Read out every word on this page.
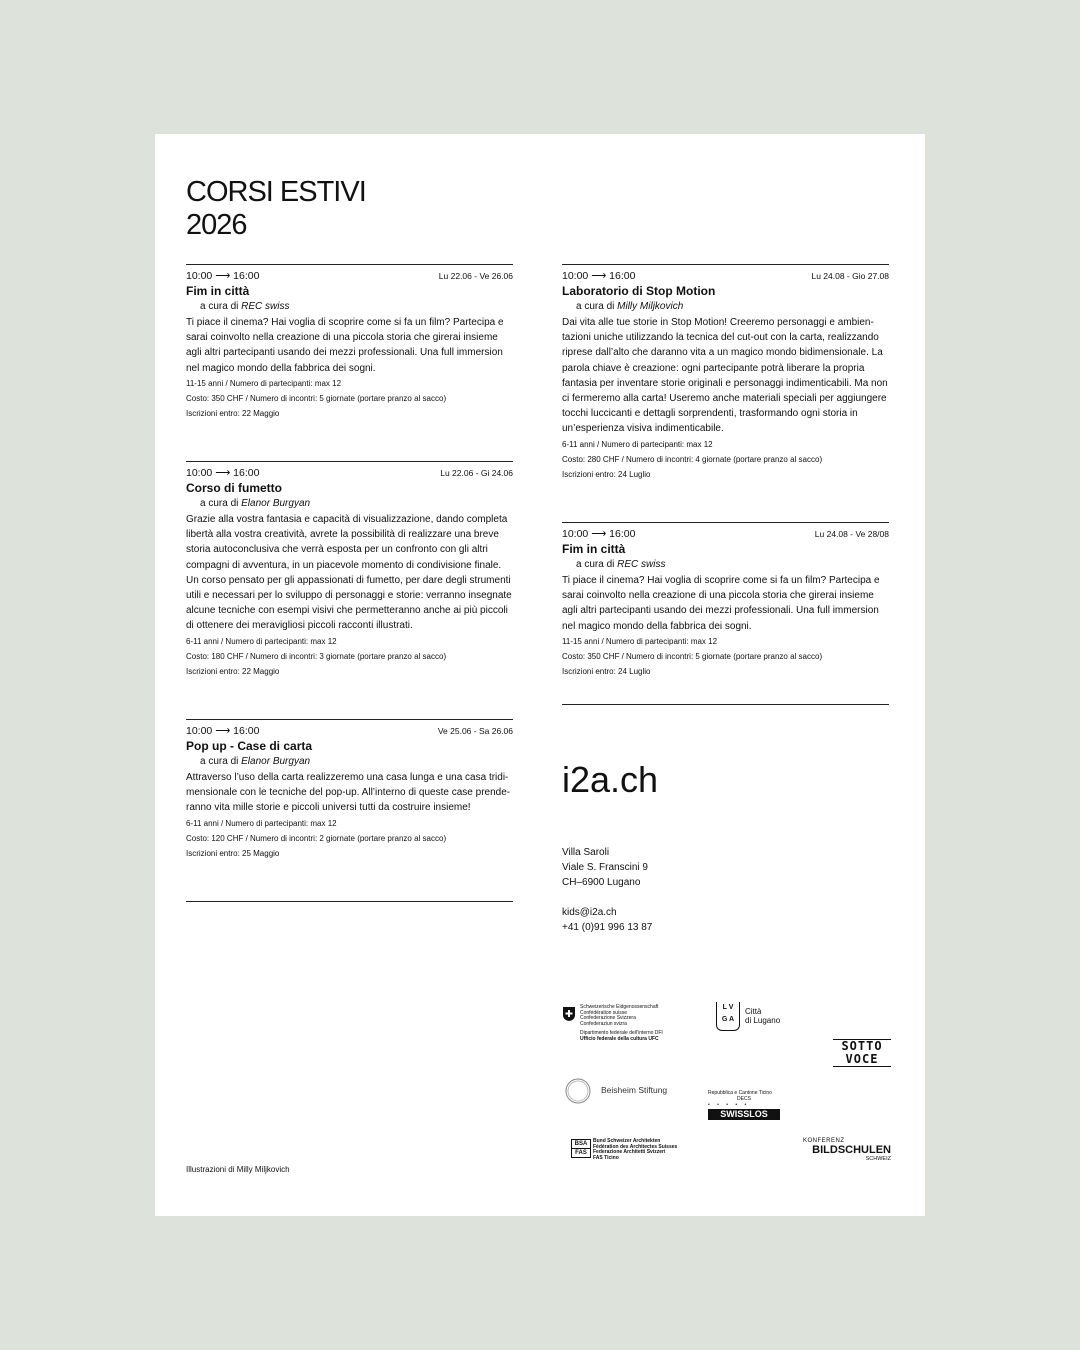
CORSI ESTIVI
2026
10:00 ⟶ 16:00	Lu 22.06 - Ve 26.06
Fim in città
a cura di REC swiss
Ti piace il cinema? Hai voglia di scoprire come si fa un film? Partecipa e sarai coinvolto nella creazione di una piccola storia che girerai insieme agli altri partecipanti usando dei mezzi professionali. Una full immersion nel magico mondo della fabbrica dei sogni.
11-15 anni / Numero di partecipanti: max 12
Costo: 350 CHF / Numero di incontri: 5 giornate (portare pranzo al sacco)
Iscrizioni entro: 22 Maggio
10:00 ⟶ 16:00	Lu 22.06 - Gi 24.06
Corso di fumetto
a cura di Elanor Burgyan
Grazie alla vostra fantasia e capacità di visualizzazione, dando completa libertà alla vostra creatività, avrete la possibilità di realizzare una breve storia autoconclusiva che verrà esposta per un confronto con gli altri compagni di avventura, in un piacevole momento di condivisione finale. Un corso pensato per gli appassionati di fumetto, per dare degli strumenti utili e necessari per lo sviluppo di personaggi e storie: verranno insegnate alcune tecniche con esempi visivi che permetteranno anche ai più piccoli di ottenere dei meravigliosi piccoli racconti illustrati.
6-11 anni / Numero di partecipanti: max 12
Costo: 180 CHF / Numero di incontri: 3 giornate (portare pranzo al sacco)
Iscrizioni entro: 22 Maggio
10:00 ⟶ 16:00	Ve 25.06 - Sa 26.06
Pop up - Case di carta
a cura di Elanor Burgyan
Attraverso l’uso della carta realizzeremo una casa lunga e una casa tridi-mensionale con le tecniche del pop-up. All’interno di queste case prende-ranno vita mille storie e piccoli universi tutti da costruire insieme!
6-11 anni / Numero di partecipanti: max 12
Costo: 120 CHF / Numero di incontri: 2 giornate (portare pranzo al sacco)
Iscrizioni entro: 25 Maggio
10:00 ⟶ 16:00	Lu 24.08 - Gio 27.08
Laboratorio di Stop Motion
a cura di Milly Miljkovich
Dai vita alle tue storie in Stop Motion! Creeremo personaggi e ambien-tazioni uniche utilizzando la tecnica del cut-out con la carta, realizzando riprese dall’alto che daranno vita a un magico mondo bidimensionale. La parola chiave è creazione: ogni partecipante potrà liberare la propria fantasia per inventare storie originali e personaggi indimenticabili. Ma non ci fermeremo alla carta! Useremo anche materiali speciali per aggiungere tocchi luccicanti e dettagli sorprendenti, trasformando ogni storia in un’esperienza visiva indimenticabile.
6-11 anni / Numero di partecipanti: max 12
Costo: 280 CHF / Numero di incontri: 4 giornate (portare pranzo al sacco)
Iscrizioni entro: 24 Luglio
10:00 ⟶ 16:00	Lu 24.08 - Ve 28/08
Fim in città
a cura di REC swiss
Ti piace il cinema? Hai voglia di scoprire come si fa un film? Partecipa e sarai coinvolto nella creazione di una piccola storia che girerai insieme agli altri partecipanti usando dei mezzi professionali. Una full immersion nel magico mondo della fabbrica dei sogni.
11-15 anni / Numero di partecipanti: max 12
Costo: 350 CHF / Numero di incontri: 5 giornate (portare pranzo al sacco)
Iscrizioni entro: 24 Luglio
i2a.ch
Villa Saroli
Viale S. Franscini 9
CH–6900 Lugano
kids@i2a.ch
+41 (0)91 996 13 87
Schweizerische Eidgenossenschaft
Confédération suisse
Confederazione Svizzera
Confederaziun svizra
Dipartimento federale dell’interno DFI
Ufficio federale della cultura UFC
L V
G A
Città
di Lugano
SOTTO
VOCE
Beisheim Stiftung	Repubblica e Cantone Ticino
DECS
• • • • •
SWISSLOS
BSA
FAS
Bund Schweizer Architekten
Fédération des Architectes Suisses
Federazione Architetti Svizzeri
FAS Ticino
KONFERENZ
BILDSCHULEN
SCHWEIZ
Illustrazioni di Milly Miljkovich
